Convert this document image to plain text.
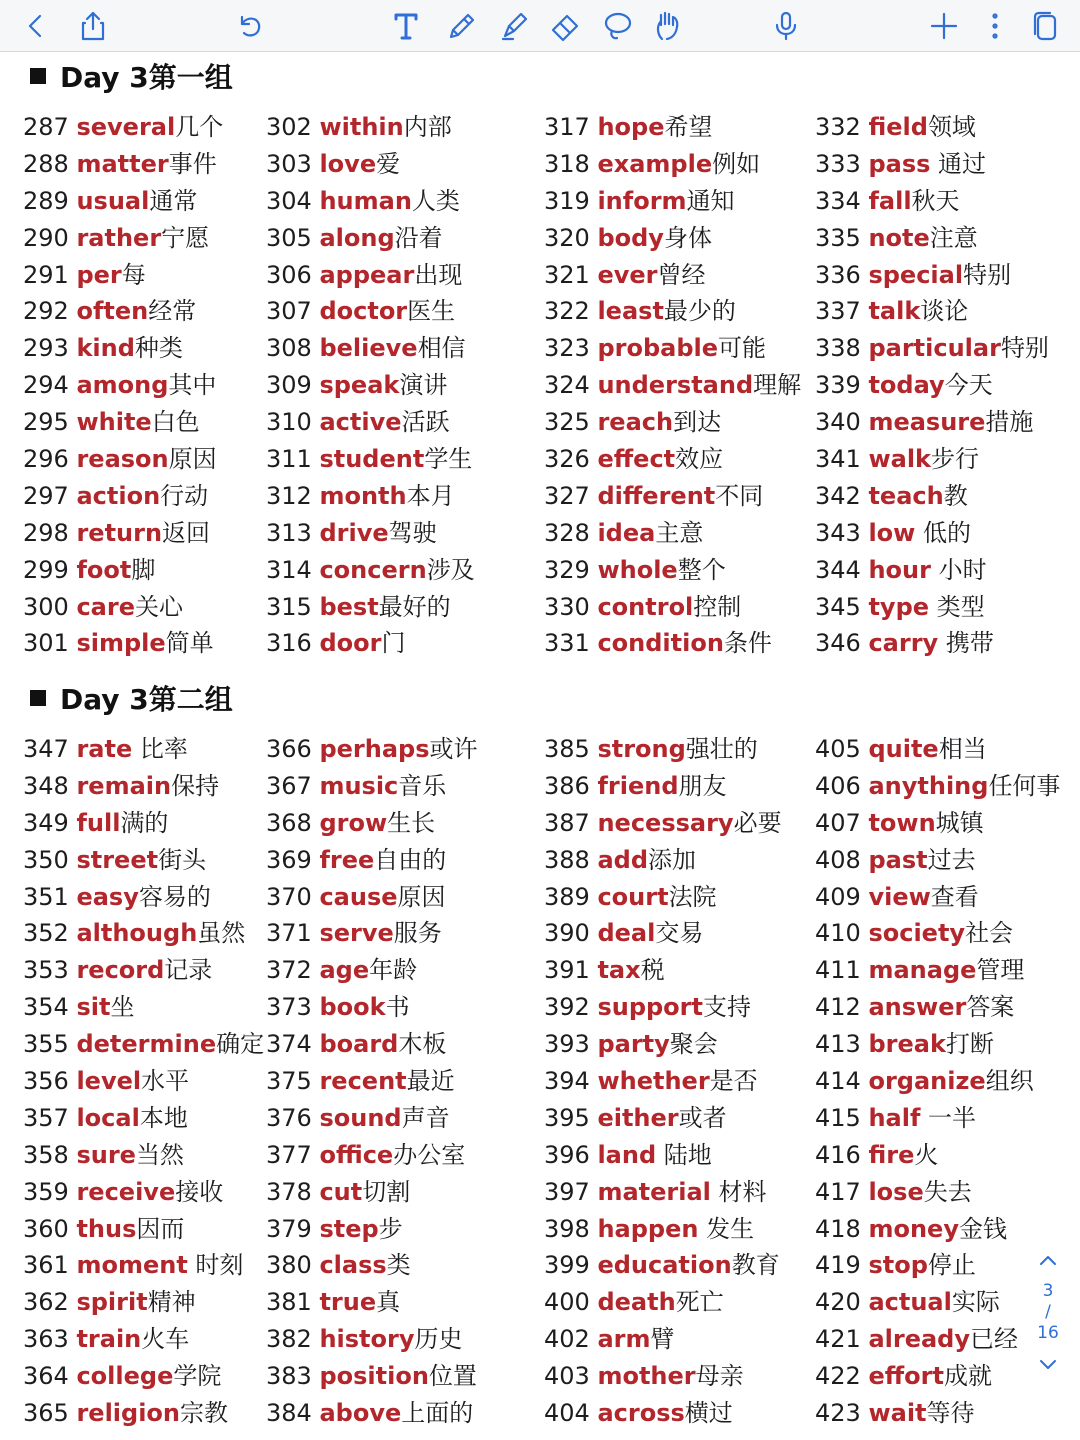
Day 3第一组
287 several几个
288 matter事件
289 usual通常
290 rather宁愿
291 per每
292 often经常
293 kind种类
294 among其中
295 white白色
296 reason原因
297 action行动
298 return返回
299 foot脚
300 care关心
301 simple简单
302 within内部
303 love爱
304 human人类
305 along沿着
306 appear出现
307 doctor医生
308 believe相信
309 speak演讲
310 active活跃
311 student学生
312 month本月
313 drive驾驶
314 concern涉及
315 best最好的
316 door门
317 hope希望
318 example例如
319 inform通知
320 body身体
321 ever曾经
322 least最少的
323 probable可能
324 understand理解
325 reach到达
326 effect效应
327 different不同
328 idea主意
329 whole整个
330 control控制
331 condition条件
332 field领域
333 pass 通过
334 fall秋天
335 note注意
336 special特别
337 talk谈论
338 particular特别
339 today今天
340 measure措施
341 walk步行
342 teach教
343 low 低的
344 hour 小时
345 type 类型
346 carry 携带
Day 3第二组
347 rate 比率
348 remain保持
349 full满的
350 street街头
351 easy容易的
352 although虽然
353 record记录
354 sit坐
355 determine确定
356 level水平
357 local本地
358 sure当然
359 receive接收
360 thus因而
361 moment 时刻
362 spirit精神
363 train火车
364 college学院
365 religion宗教
366 perhaps或许
367 music音乐
368 grow生长
369 free自由的
370 cause原因
371 serve服务
372 age年龄
373 book书
374 board木板
375 recent最近
376 sound声音
377 office办公室
378 cut切割
379 step步
380 class类
381 true真
382 history历史
383 position位置
384 above上面的
385 strong强壮的
386 friend朋友
387 necessary必要
388 add添加
389 court法院
390 deal交易
391 tax税
392 support支持
393 party聚会
394 whether是否
395 either或者
396 land 陆地
397 material 材料
398 happen 发生
399 education教育
400 death死亡
402 arm臂
403 mother母亲
404 across横过
405 quite相当
406 anything任何事
407 town城镇
408 past过去
409 view查看
410 society社会
411 manage管理
412 answer答案
413 break打断
414 organize组织
415 half 一半
416 fire火
417 lose失去
418 money金钱
419 stop停止
420 actual实际
421 already已经
422 effort成就
423 wait等待
3
/
16
